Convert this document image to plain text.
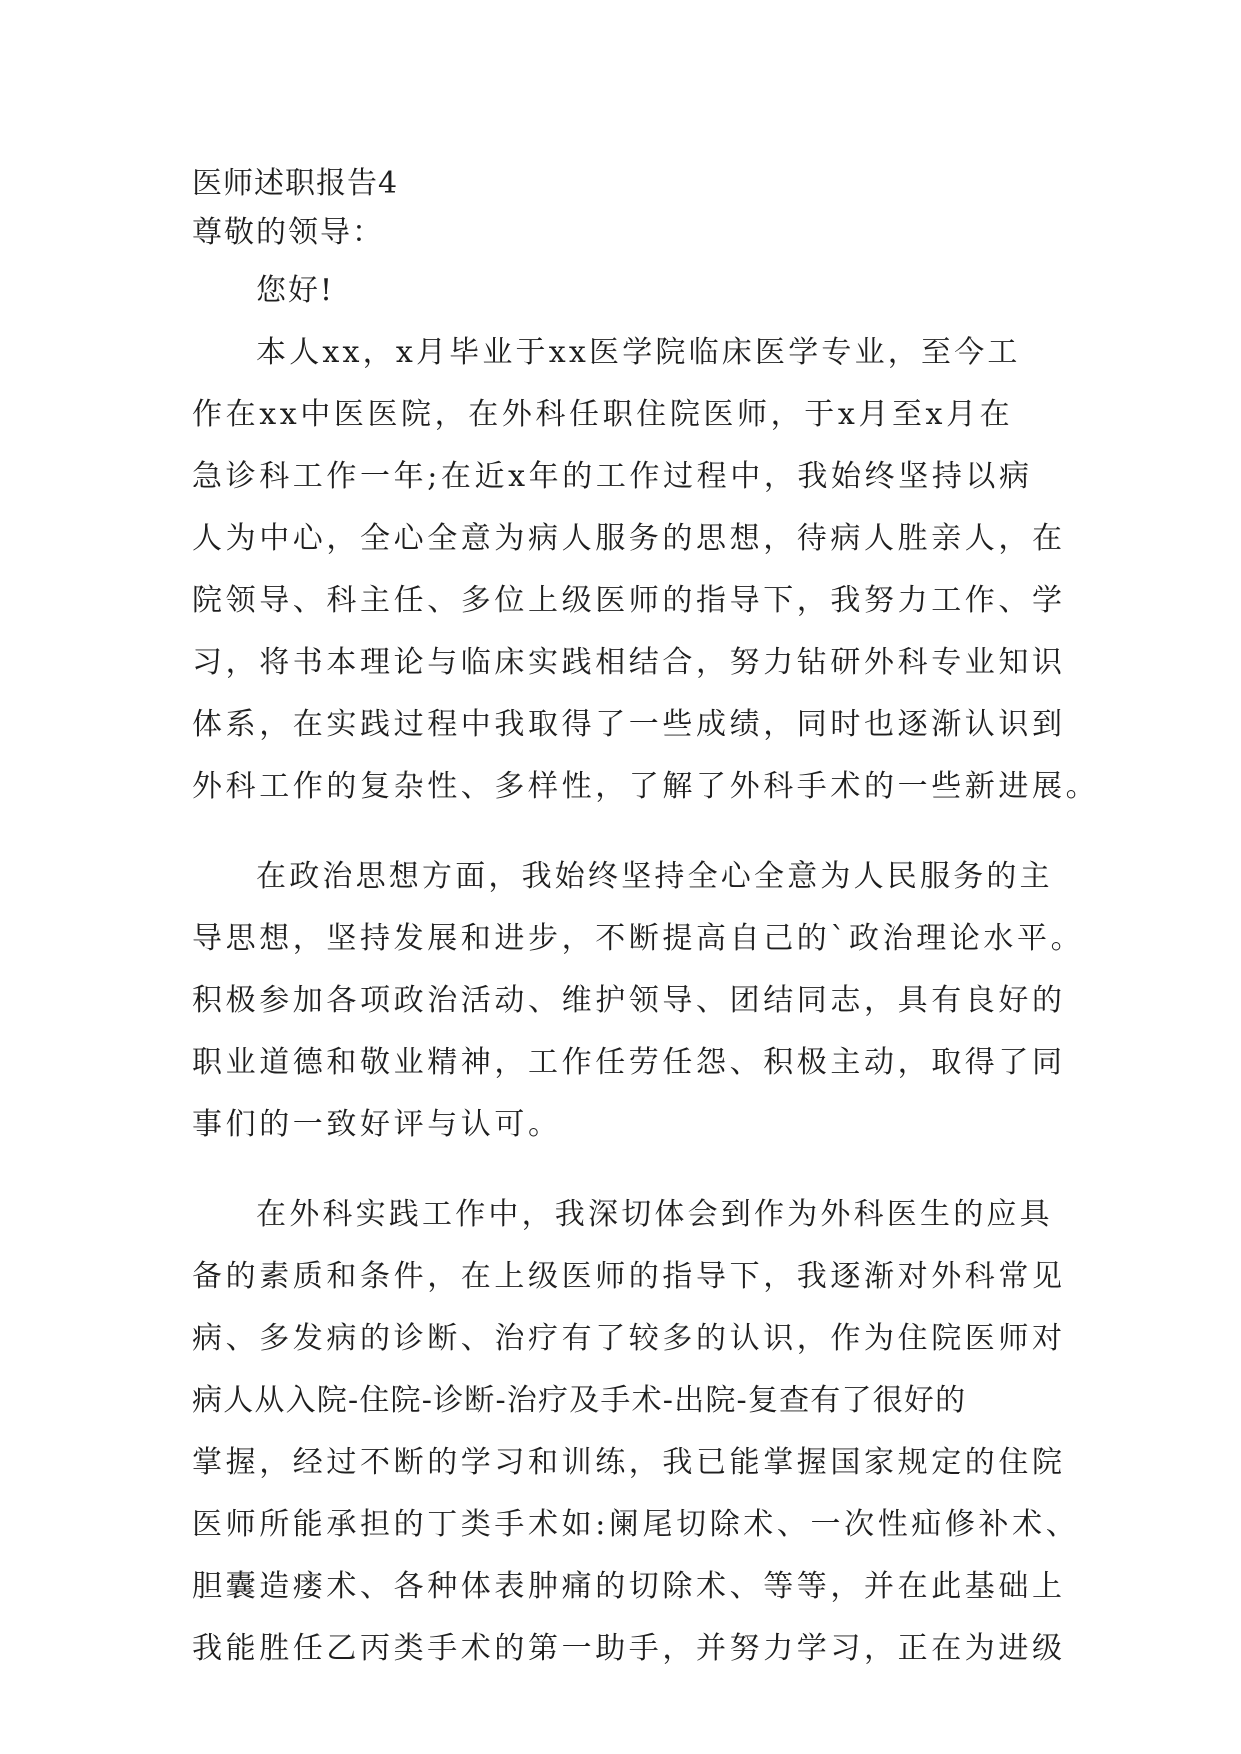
医师述职报告4

尊敬的领导：

您好!

本人xx，x月毕业于xx医学院临床医学专业，至今工
作在xx中医医院，在外科任职住院医师，于x月至x月在
急诊科工作一年;在近x年的工作过程中，我始终坚持以病
人为中心，全心全意为病人服务的思想，待病人胜亲人，在
院领导、科主任、多位上级医师的指导下，我努力工作、学
习，将书本理论与临床实践相结合，努力钻研外科专业知识
体系，在实践过程中我取得了一些成绩，同时也逐渐认识到
外科工作的复杂性、多样性，了解了外科手术的一些新进展。

在政治思想方面，我始终坚持全心全意为人民服务的主
导思想，坚持发展和进步，不断提高自己的`政治理论水平。
积极参加各项政治活动、维护领导、团结同志，具有良好的
职业道德和敬业精神，工作任劳任怨、积极主动，取得了同
事们的一致好评与认可。

在外科实践工作中，我深切体会到作为外科医生的应具
备的素质和条件，在上级医师的指导下，我逐渐对外科常见
病、多发病的诊断、治疗有了较多的认识，作为住院医师对
病人从入院-住院-诊断-治疗及手术-出院-复查有了很好的
掌握，经过不断的学习和训练，我已能掌握国家规定的住院
医师所能承担的丁类手术如:阑尾切除术、一次性疝修补术、
胆囊造瘘术、各种体表肿痛的切除术、等等，并在此基础上
我能胜任乙丙类手术的第一助手，并努力学习，正在为进级
